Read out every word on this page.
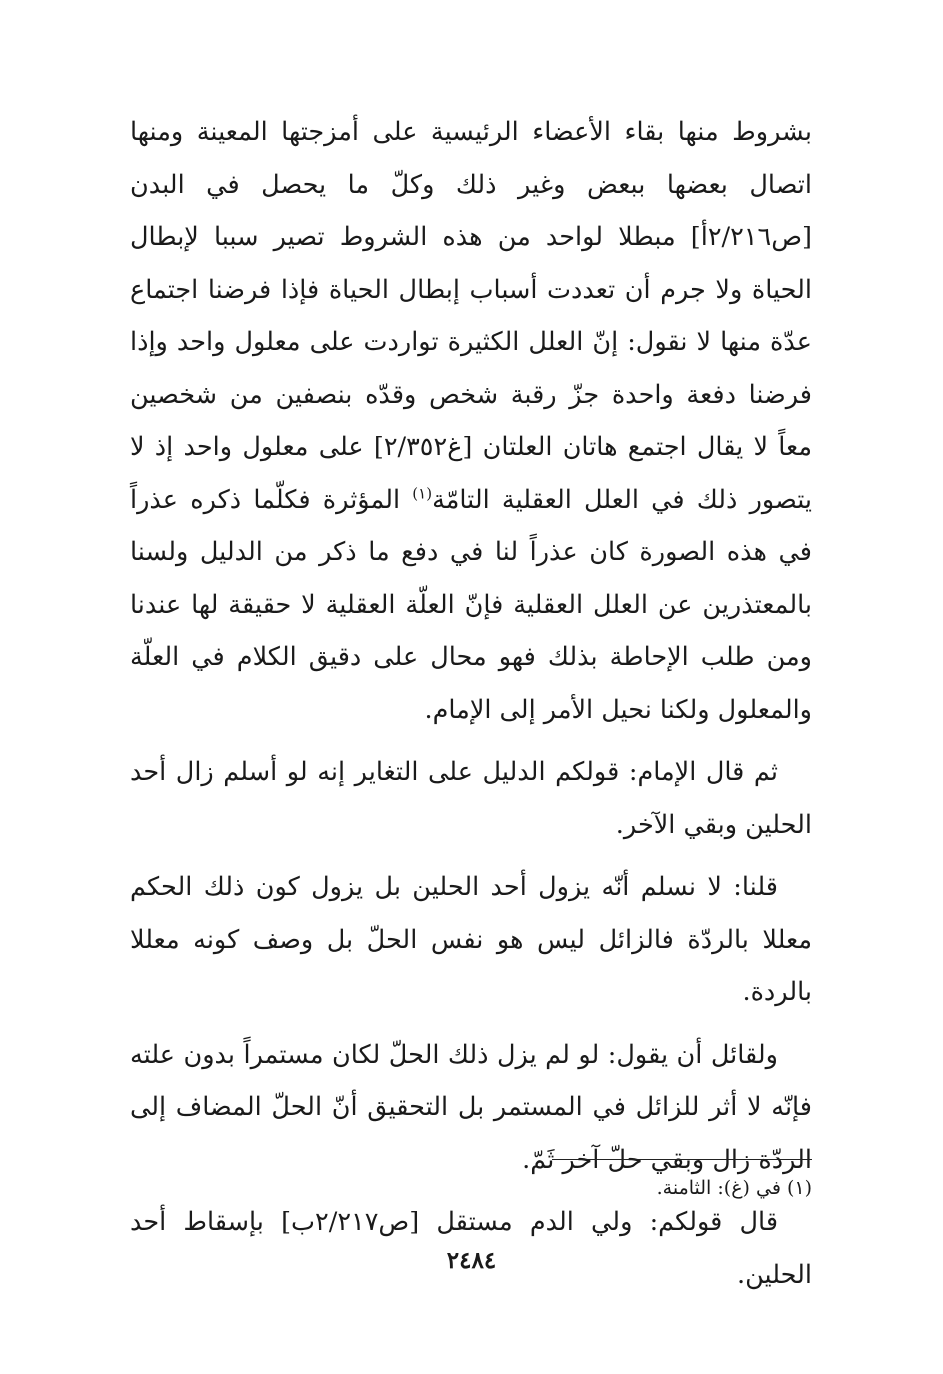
بشروط منها بقاء الأعضاء الرئيسية على أمزجتها المعينة ومنها اتصال بعضها ببعض وغير ذلك وكلّ ما يحصل في البدن [ص٢/٢١٦أ] مبطلا لواحد من هذه الشروط تصير سببا لإبطال الحياة ولا جرم أن تعددت أسباب إبطال الحياة فإذا فرضنا اجتماع عدّة منها لا نقول: إنّ العلل الكثيرة تواردت على معلول واحد وإذا فرضنا دفعة واحدة جزّ رقبة شخص وقدّه بنصفين من شخصين معاً لا يقال اجتمع هاتان العلتان [غ٢/٣٥٢] على معلول واحد إذ لا يتصور ذلك في العلل العقلية التامّة$^{(١)}$ المؤثرة فكلّما ذكره عذراً في هذه الصورة كان عذراً لنا في دفع ما ذكر من الدليل ولسنا بالمعتذرين عن العلل العقلية فإنّ العلّة العقلية لا حقيقة لها عندنا ومن طلب الإحاطة بذلك فهو محال على دقيق الكلام في العلّة والمعلول ولكنا نحيل الأمر إلى الإمام.

ثم قال الإمام: قولكم الدليل على التغاير إنه لو أسلم زال أحد الحلين وبقي الآخر.

قلنا: لا نسلم أنّه يزول أحد الحلين بل يزول كون ذلك الحكم معللا بالردّة فالزائل ليس هو نفس الحلّ بل وصف كونه معللا بالردة.

ولقائل أن يقول: لو لم يزل ذلك الحلّ لكان مستمراً بدون علته فإنّه لا أثر للزائل في المستمر بل التحقيق أنّ الحلّ المضاف إلى الردّة زال وبقي حلّ آخر ثَمّ.

قال قولكم: ولي الدم مستقل [ص٢/٢١٧ب] بإسقاط أحد الحلين.

(١) في (غ): الثامنة.
٢٤٨٤
